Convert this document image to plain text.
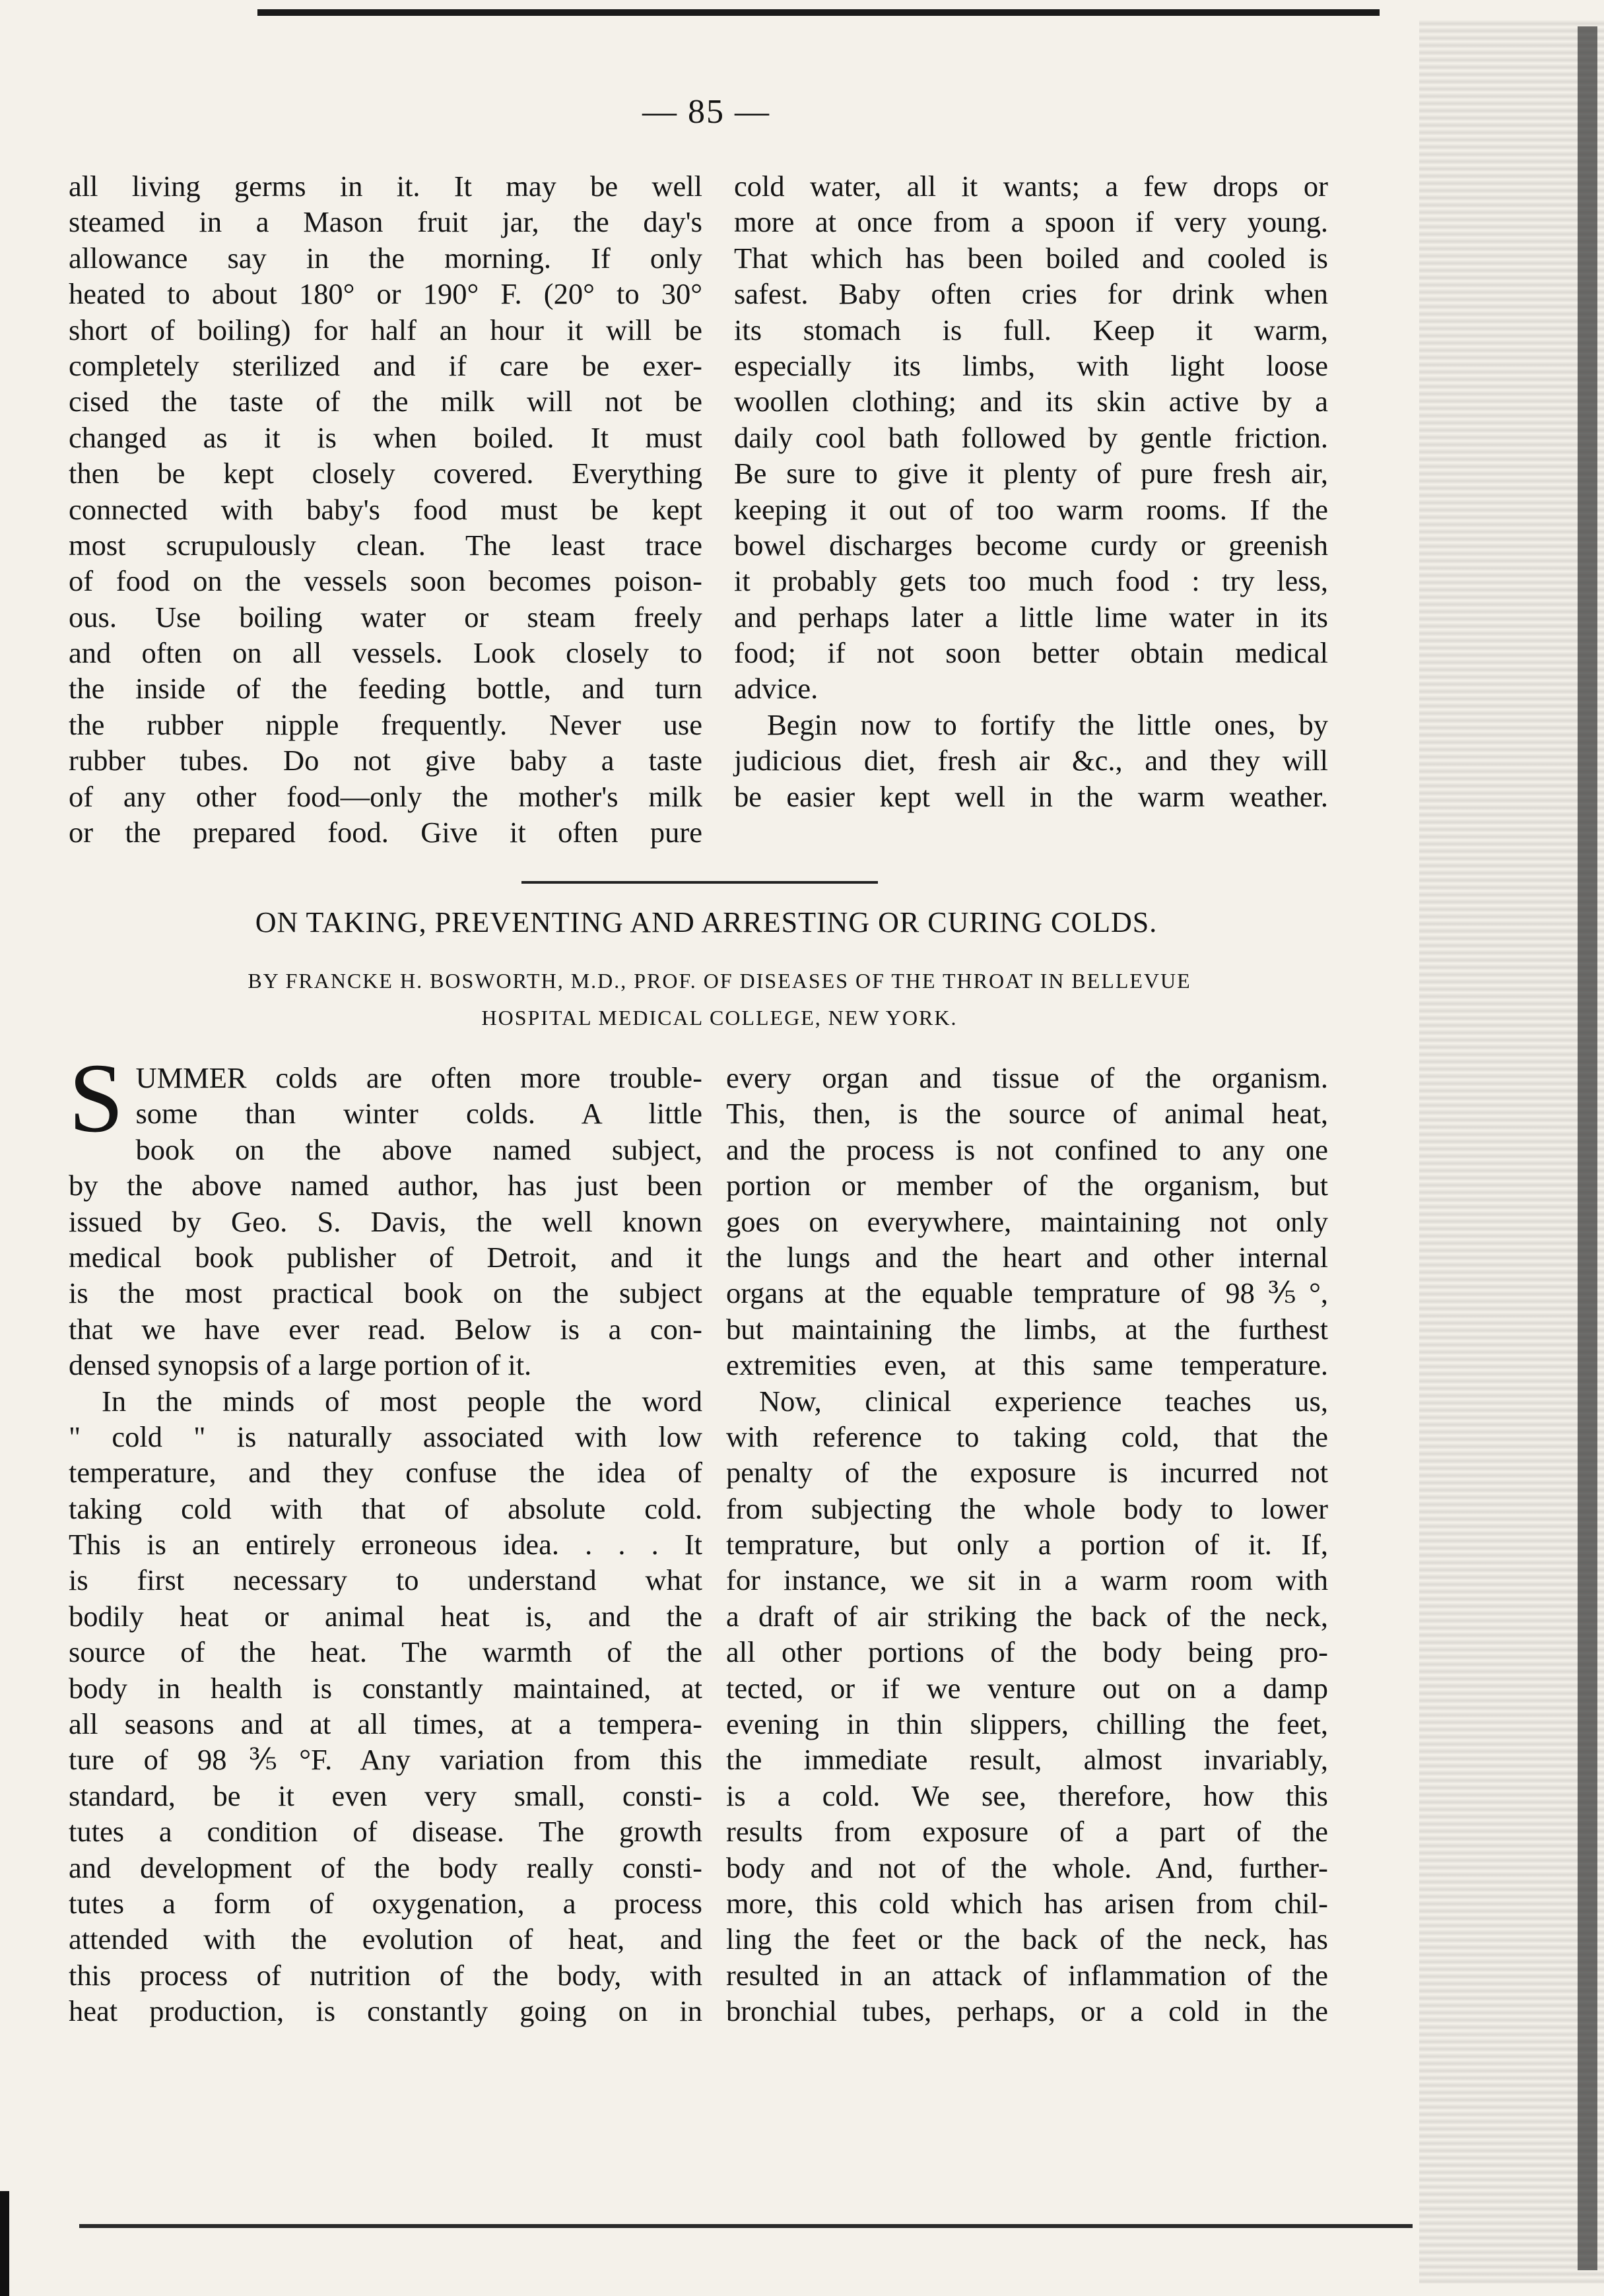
— 85 —
all living germs in it. It may be well
steamed in a Mason fruit jar, the day's
allowance say in the morning. If only
heated to about 180° or 190° F. (20° to 30°
short of boiling) for half an hour it will be
completely sterilized and if care be exer-
cised the taste of the milk will not be
changed as it is when boiled. It must
then be kept closely covered. Everything
connected with baby's food must be kept
most scrupulously clean. The least trace
of food on the vessels soon becomes poison-
ous. Use boiling water or steam freely
and often on all vessels. Look closely to
the inside of the feeding bottle, and turn
the rubber nipple frequently. Never use
rubber tubes. Do not give baby a taste
of any other food—only the mother's milk
or the prepared food. Give it often pure
cold water, all it wants; a few drops or
more at once from a spoon if very young.
That which has been boiled and cooled is
safest. Baby often cries for drink when
its stomach is full. Keep it warm,
especially its limbs, with light loose
woollen clothing; and its skin active by a
daily cool bath followed by gentle friction.
Be sure to give it plenty of pure fresh air,
keeping it out of too warm rooms. If the
bowel discharges become curdy or greenish
it probably gets too much food : try less,
and perhaps later a little lime water in its
food; if not soon better obtain medical
advice.
Begin now to fortify the little ones, by
judicious diet, fresh air &c., and they will
be easier kept well in the warm weather.
ON TAKING, PREVENTING AND ARRESTING OR CURING COLDS.
BY FRANCKE H. BOSWORTH, M.D., PROF. OF DISEASES OF THE THROAT IN BELLEVUE
HOSPITAL MEDICAL COLLEGE, NEW YORK.
S UMMER colds are often more trouble-
some than winter colds. A little
book on the above named subject,
by the above named author, has just been
issued by Geo. S. Davis, the well known
medical book publisher of Detroit, and it
is the most practical book on the subject
that we have ever read. Below is a con-
densed synopsis of a large portion of it.
In the minds of most people the word
" cold " is naturally associated with low
temperature, and they confuse the idea of
taking cold with that of absolute cold.
This is an entirely erroneous idea. . . . It
is first necessary to understand what
bodily heat or animal heat is, and the
source of the heat. The warmth of the
body in health is constantly maintained, at
all seasons and at all times, at a tempera-
ture of 98⅗°F. Any variation from this
standard, be it even very small, consti-
tutes a condition of disease. The growth
and development of the body really consti-
tutes a form of oxygenation, a process
attended with the evolution of heat, and
this process of nutrition of the body, with
heat production, is constantly going on in
every organ and tissue of the organism.
This, then, is the source of animal heat,
and the process is not confined to any one
portion or member of the organism, but
goes on everywhere, maintaining not only
the lungs and the heart and other internal
organs at the equable temprature of 98⅗°,
but maintaining the limbs, at the furthest
extremities even, at this same temperature.
Now, clinical experience teaches us,
with reference to taking cold, that the
penalty of the exposure is incurred not
from subjecting the whole body to lower
temprature, but only a portion of it. If,
for instance, we sit in a warm room with
a draft of air striking the back of the neck,
all other portions of the body being pro-
tected, or if we venture out on a damp
evening in thin slippers, chilling the feet,
the immediate result, almost invariably,
is a cold. We see, therefore, how this
results from exposure of a part of the
body and not of the whole. And, further-
more, this cold which has arisen from chil-
ling the feet or the back of the neck, has
resulted in an attack of inflammation of the
bronchial tubes, perhaps, or a cold in the
